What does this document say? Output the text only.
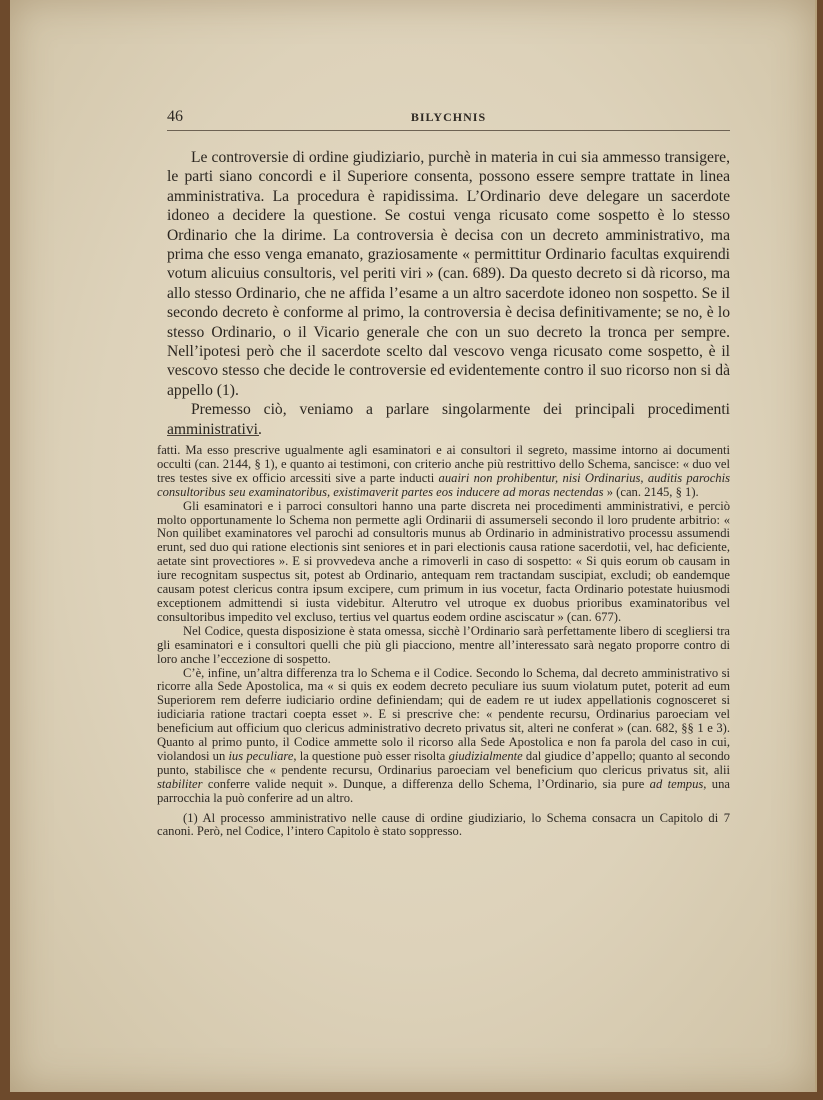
46	BILYCHNIS

Le controversie di ordine giudiziario, purchè in materia in cui sia ammesso transigere, le parti siano concordi e il Superiore consenta, possono essere sempre trattate in linea amministrativa. La procedura è rapidissima. L’Ordinario deve delegare un sacerdote idoneo a decidere la questione. Se costui venga ricusato come sospetto è lo stesso Ordinario che la dirime. La controversia è decisa con un decreto amministrativo, ma prima che esso venga emanato, graziosamente « permittitur Ordinario facultas exquirendi votum alicuius consultoris, vel periti viri » (can. 689). Da questo decreto si dà ricorso, ma allo stesso Ordinario, che ne affida l’esame a un altro sacerdote idoneo non sospetto. Se il secondo decreto è conforme al primo, la controversia è decisa definitivamente; se no, è lo stesso Ordinario, o il Vicario generale che con un suo decreto la tronca per sempre. Nell’ipotesi però che il sacerdote scelto dal vescovo venga ricusato come sospetto, è il vescovo stesso che decide le controversie ed evidentemente contro il suo ricorso non si dà appello (1).

Premesso ciò, veniamo a parlare singolarmente dei principali procedimenti amministrativi.

fatti. Ma esso prescrive ugualmente agli esaminatori e ai consultori il segreto, massime intorno ai documenti occulti (can. 2144, § 1), e quanto ai testimoni, con criterio anche più restrittivo dello Schema, sancisce: « duo vel tres testes sive ex officio arcessiti sive a parte inducti auairi non prohibentur, nisi Ordinarius, auditis parochis consultoribus seu examinatoribus, existimaverit partes eos inducere ad moras nectendas » (can. 2145, § 1).

Gli esaminatori e i parroci consultori hanno una parte discreta nei procedimenti amministrativi, e perciò molto opportunamente lo Schema non permette agli Ordinarii di assumerseli secondo il loro prudente arbitrio: « Non quilibet examinatores vel parochi ad consultoris munus ab Ordinario in administrativo processu assumendi erunt, sed duo qui ratione electionis sint seniores et in pari electionis causa ratione sacerdotii, vel, hac deficiente, aetate sint provectiores ». E si provvedeva anche a rimoverli in caso di sospetto: « Si quis eorum ob causam in iure recognitam suspectus sit, potest ab Ordinario, antequam rem tractandam suscipiat, excludi; ob eandemque causam potest clericus contra ipsum excipere, cum primum in ius vocetur, facta Ordinario potestate huiusmodi exceptionem admittendi si iusta videbitur. Alterutro vel utroque ex duobus prioribus examinatoribus vel consultoribus impedito vel excluso, tertius vel quartus eodem ordine asciscatur » (can. 677).

Nel Codice, questa disposizione è stata omessa, sicchè l’Ordinario sarà perfettamente libero di scegliersi tra gli esaminatori e i consultori quelli che più gli piacciono, mentre all’interessato sarà negato proporre contro di loro anche l’eccezione di sospetto.

C’è, infine, un’altra differenza tra lo Schema e il Codice. Secondo lo Schema, dal decreto amministrativo si ricorre alla Sede Apostolica, ma « si quis ex eodem decreto peculiare ius suum violatum putet, poterit ad eum Superiorem rem deferre iudiciario ordine definiendam; qui de eadem re ut iudex appellationis cognosceret si iudiciaria ratione tractari coepta esset ». E si prescrive che: « pendente recursu, Ordinarius paroeciam vel beneficium aut officium quo clericus administrativo decreto privatus sit, alteri ne conferat » (can. 682, §§ 1 e 3). Quanto al primo punto, il Codice ammette solo il ricorso alla Sede Apostolica e non fa parola del caso in cui, violandosi un ius peculiare, la questione può esser risolta giudizialmente dal giudice d’appello; quanto al secondo punto, stabilisce che « pendente recursu, Ordinarius paroeciam vel beneficium quo clericus privatus sit, alii stabiliter conferre valide nequit ». Dunque, a differenza dello Schema, l’Ordinario, sia pure ad tempus, una parrocchia la può conferire ad un altro.

(1) Al processo amministrativo nelle cause di ordine giudiziario, lo Schema consacra un Capitolo di 7 canoni. Però, nel Codice, l’intero Capitolo è stato soppresso.
